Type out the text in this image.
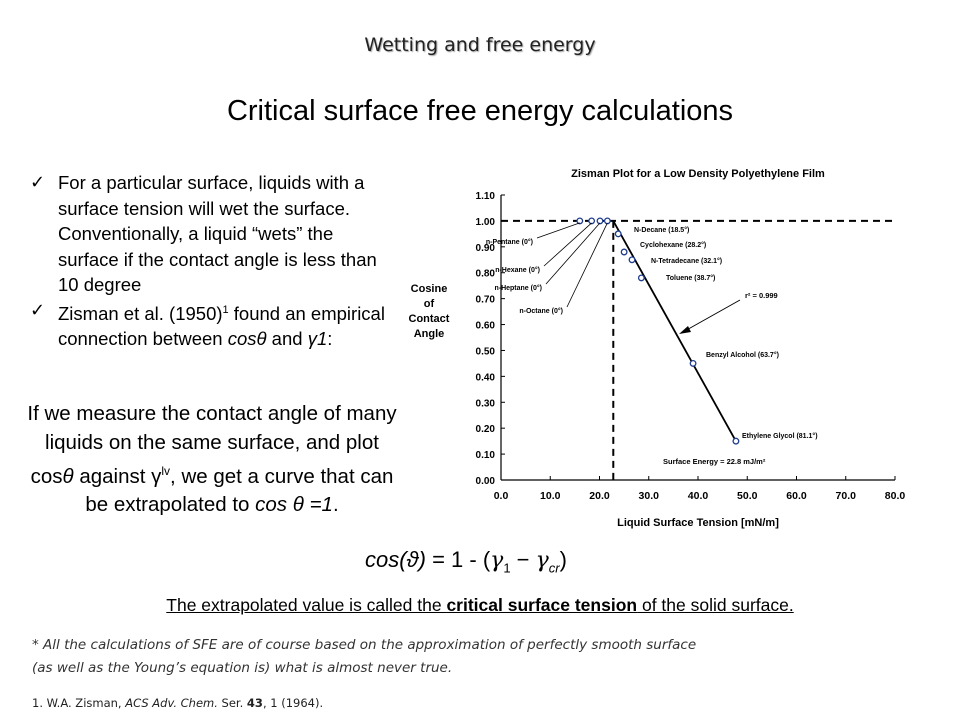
Wetting and free energy
Critical surface free energy calculations
✓ For a particular surface, liquids with a surface tension will wet the surface. Conventionally, a liquid “wets” the surface if the contact angle is less than 10 degree
✓ Zisman et al. $(1950)^1$ found an empirical connection between cosθ and γ1:
If we measure the contact angle of many liquids on the same surface, and plot cosθ against $\gamma^{lv}$, we get a curve that can be extrapolated to cos θ =1.
$\cos(ϑ) = 1 - (\gamma_1 - \gamma_{cr})$
The extrapolated value is called the critical surface tension of the solid surface.
* All the calculations of SFE are of course based on the approximation of perfectly smooth surface
(as well as the Young’s equation is) what is almost never true.
1. W.A. Zisman, ACS Adv. Chem. Ser. 43, 1 (1964).
Zisman Plot for a Low Density Polyethylene Film
Cosine
of
Contact
Angle
Liquid Surface Tension [mN/m]
0.00
0.10
0.20
0.30
0.40
0.50
0.60
0.70
0.80
0.90
1.00
1.10
0.0	10.0	20.0	30.0	40.0	50.0	60.0	70.0	80.0
n-Pentane (0°)
n-Hexane (0°)
n-Heptane (0°)
n-Octane (0°)
N-Decane (18.5°)
Cyclohexane (28.2°)
N-Tetradecane (32.1°)
Toluene (38.7°)
Benzyl Alcohol (63.7°)
Ethylene Glycol (81.1°)
r² = 0.999
Surface Energy = 22.8 mJ/m²
